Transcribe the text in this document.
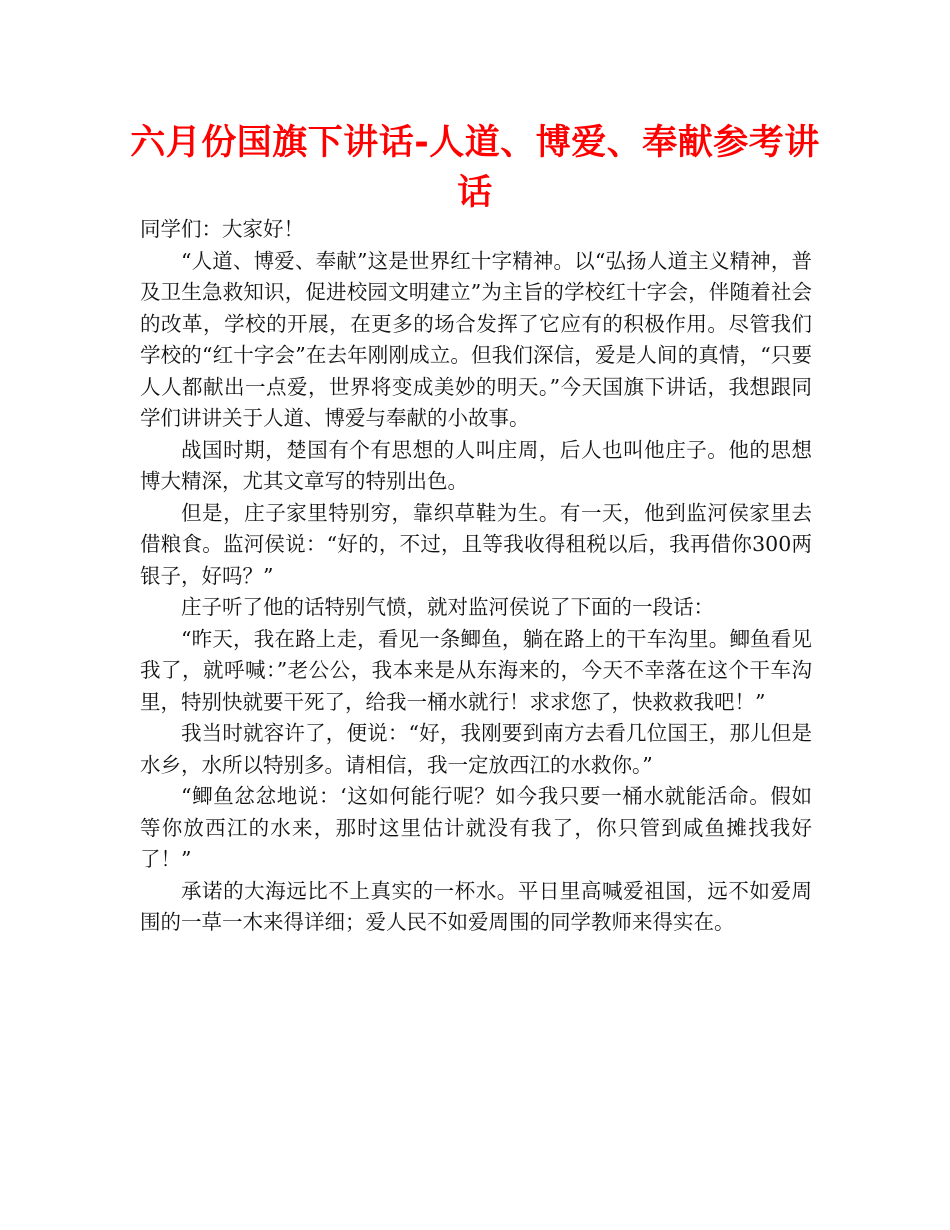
六月份国旗下讲话-人道、博爱、奉献参考讲话

同学们：大家好！

“人道、博爱、奉献”这是世界红十字精神。以“弘扬人道主义精神，普及卫生急救知识，促进校园文明建立”为主旨的学校红十字会，伴随着社会的改革，学校的开展，在更多的场合发挥了它应有的积极作用。尽管我们学校的“红十字会”在去年刚刚成立。但我们深信，爱是人间的真情，“只要人人都献出一点爱，世界将变成美妙的明天。”今天国旗下讲话，我想跟同学们讲讲关于人道、博爱与奉献的小故事。

战国时期，楚国有个有思想的人叫庄周，后人也叫他庄子。他的思想博大精深，尤其文章写的特别出色。

但是，庄子家里特别穷，靠织草鞋为生。有一天，他到监河侯家里去借粮食。监河侯说：“好的，不过，且等我收得租税以后，我再借你300两银子，好吗？”

庄子听了他的话特别气愤，就对监河侯说了下面的一段话：

“昨天，我在路上走，看见一条鲫鱼，躺在路上的干车沟里。鲫鱼看见我了，就呼喊：”老公公，我本来是从东海来的，今天不幸落在这个干车沟里，特别快就要干死了，给我一桶水就行！求求您了，快救救我吧！”

我当时就容许了，便说：“好，我刚要到南方去看几位国王，那儿但是水乡，水所以特别多。请相信，我一定放西江的水救你。”

“鲫鱼忿忿地说：‘这如何能行呢？如今我只要一桶水就能活命。假如等你放西江的水来，那时这里估计就没有我了，你只管到咸鱼摊找我好了！”

承诺的大海远比不上真实的一杯水。平日里高喊爱祖国，远不如爱周围的一草一木来得详细；爱人民不如爱周围的同学教师来得实在。
